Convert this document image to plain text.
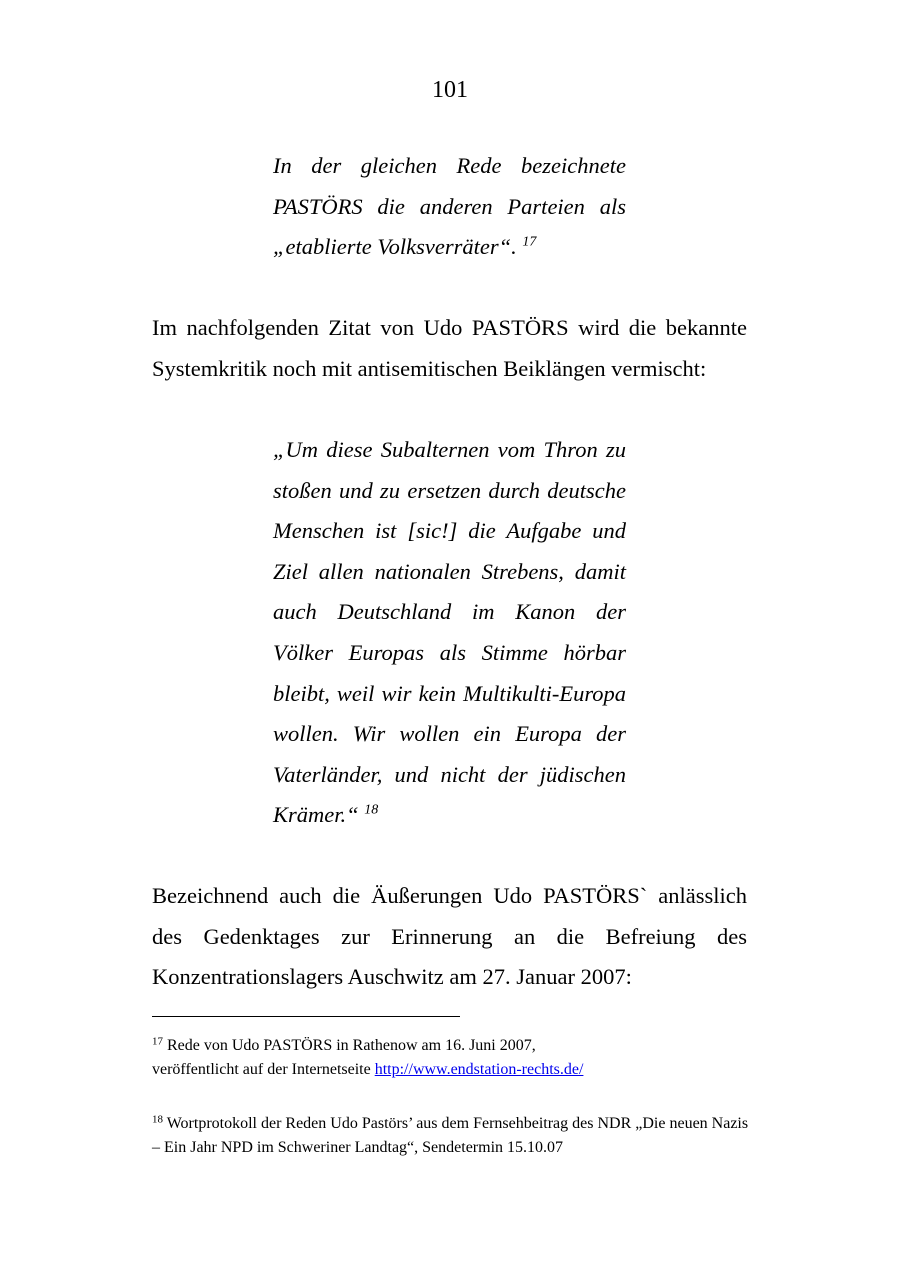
101
In der gleichen Rede bezeichnete PASTÖRS die anderen Parteien als „etablierte Volksverräter“. $^{17}$
Im nachfolgenden Zitat von Udo PASTÖRS wird die bekannte Systemkritik noch mit antisemitischen Beiklängen vermischt:
„Um diese Subalternen vom Thron zu stoßen und zu ersetzen durch deutsche Menschen ist [sic!] die Aufgabe und Ziel allen nationalen Strebens, damit auch Deutschland im Kanon der Völker Europas als Stimme hörbar bleibt, weil wir kein Multikulti-Europa wollen. Wir wollen ein Europa der Vaterländer, und nicht der jüdischen Krämer.“ $^{18}$
Bezeichnend auch die Äußerungen Udo PASTÖRS` anlässlich des Gedenktages zur Erinnerung an die Befreiung des Konzentrationslagers Auschwitz am 27. Januar 2007:
$^{17}$ Rede von Udo PASTÖRS in Rathenow am 16. Juni 2007,
veröffentlicht auf der Internetseite http://www.endstation-rechts.de/
$^{18}$ Wortprotokoll der Reden Udo Pastörs’ aus dem Fernsehbeitrag des NDR „Die neuen Nazis – Ein Jahr NPD im Schweriner Landtag“, Sendetermin 15.10.07
